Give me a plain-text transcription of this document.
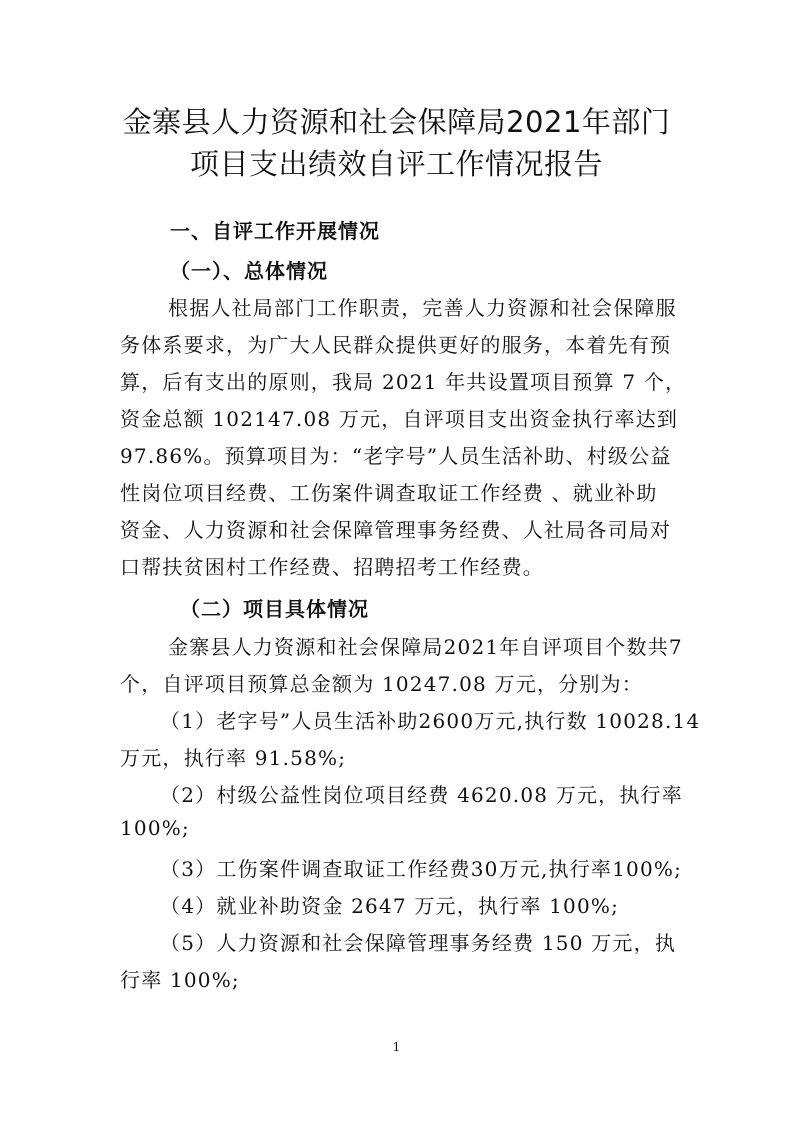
金寨县人力资源和社会保障局2021年部门
项目支出绩效自评工作情况报告
一、自评工作开展情况
（一）、总体情况
根据人社局部门工作职责，完善人力资源和社会保障服
务体系要求，为广大人民群众提供更好的服务，本着先有预
算，后有支出的原则，我局 2021 年共设置项目预算 7 个，
资金总额 102147.08 万元，自评项目支出资金执行率达到
97.86%。预算项目为：“老字号”人员生活补助、村级公益
性岗位项目经费、工伤案件调查取证工作经费 、就业补助
资金、人力资源和社会保障管理事务经费、人社局各司局对
口帮扶贫困村工作经费、招聘招考工作经费。
（二）项目具体情况
金寨县人力资源和社会保障局2021年自评项目个数共7
个，自评项目预算总金额为 10247.08 万元，分别为：
（1）老字号”人员生活补助2600万元,执行数 10028.14
万元，执行率 91.58%;
（2）村级公益性岗位项目经费 4620.08 万元，执行率
100%;
（3）工伤案件调查取证工作经费30万元,执行率100%;
（4）就业补助资金 2647 万元，执行率 100%;
（5）人力资源和社会保障管理事务经费 150 万元，执
行率 100%;
1
